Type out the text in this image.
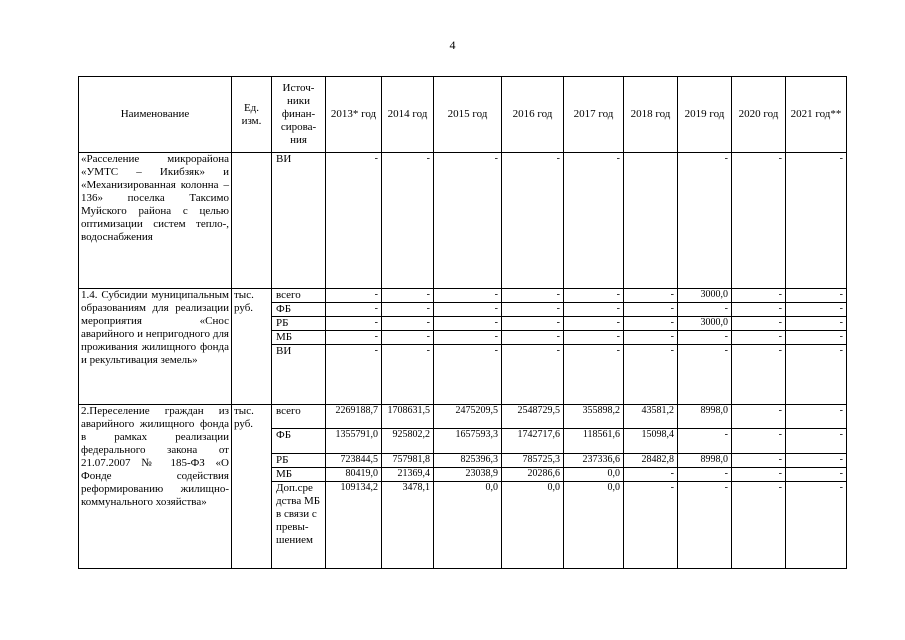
4
Наименование	Ед. изм.	Источ-ники финан-сирова-ния	2013* год	2014 год	2015 год	2016 год	2017 год	2018 год	2019 год	2020 год	2021 год**
«Расселение микрорайона «УМТС – Икибзяк» и «Механизированная колонна – 136» поселка Таксимо Муйского района с целью оптимизации систем тепло-, водоснабжения		ВИ	-	-	-	-	-		-	-	-
1.4. Субсидии муниципальным образованиям для реализации мероприятия «Снос аварийного и непригодного для проживания жилищного фонда и рекультивация земель»	тыс. руб.	всего	-	-	-	-	-	-	3000,0	-	-
		ФБ	-	-	-	-	-	-	-	-	-
		РБ	-	-	-	-	-	-	3000,0	-	-
		МБ	-	-	-	-	-	-	-	-	-
		ВИ	-	-	-	-	-	-	-	-	-
2.Переселение граждан из аварийного жилищного фонда в рамках реализации федерального закона от 21.07.2007 № 185-ФЗ «О Фонде содействия реформированию жилищно-коммунального хозяйства»	тыс. руб.	всего	2269188,7	1708631,5	2475209,5	2548729,5	355898,2	43581,2	8998,0	-	-
		ФБ	1355791,0	925802,2	1657593,3	1742717,6	118561,6	15098,4	-	-	-
		РБ	723844,5	757981,8	825396,3	785725,3	237336,6	28482,8	8998,0	-	-
		МБ	80419,0	21369,4	23038,9	20286,6	0,0	-	-	-	-
		Доп.сре дства МБ в связи с превы-шением	109134,2	3478,1	0,0	0,0	0,0	-	-	-	-
